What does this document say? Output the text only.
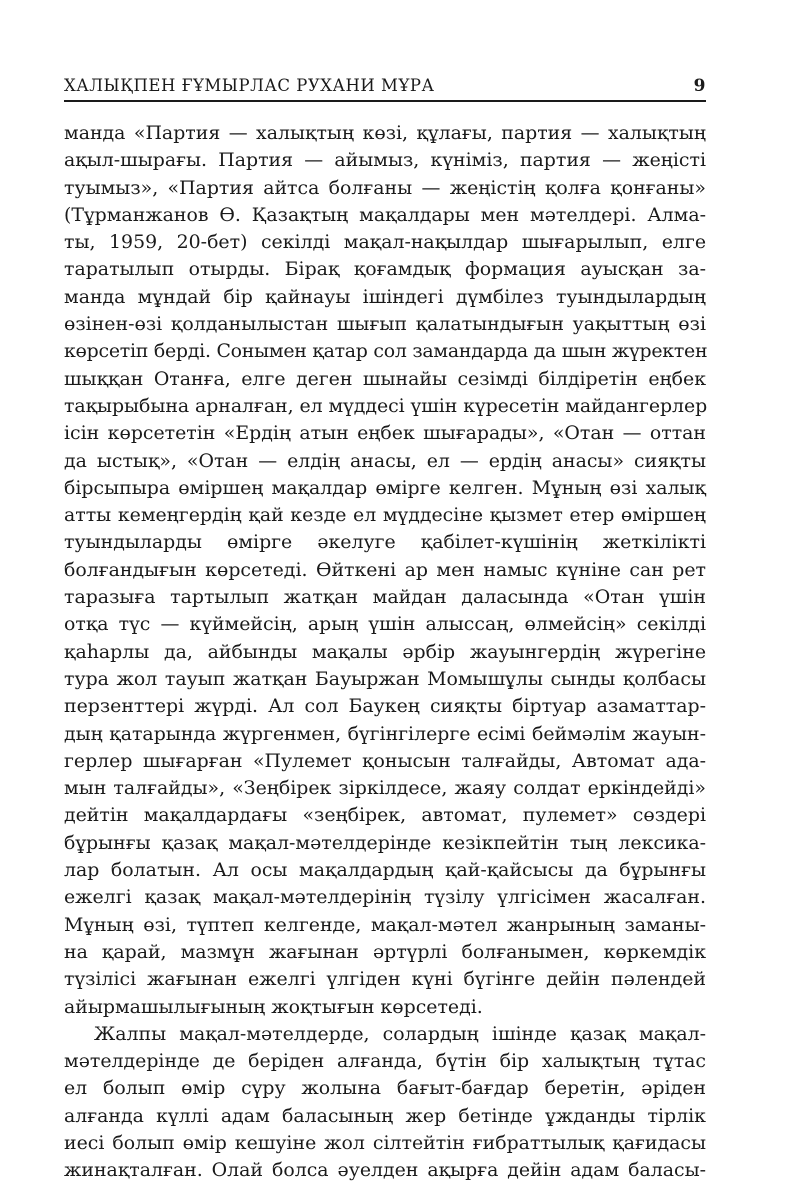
ХАЛЫҚПЕН ҒҰМЫРЛАС РУХАНИ МҰРА	9
манда «Партия — халықтың көзі, құлағы, партия — халықтың
ақыл-шырағы. Партия — айымыз, күніміз, партия — жеңісті
туымыз», «Партия айтса болғаны — жеңістің қолға қонғаны»
(Тұрманжанов Ө. Қазақтың мақалдары мен мәтелдері. Алма-
ты, 1959, 20-бет) секілді мақал-нақылдар шығарылып, елге
таратылып отырды. Бірақ қоғамдық формация ауысқан за-
манда мұндай бір қайнауы ішіндегі дүмбілез туындылардың
өзінен-өзі қолданылыстан шығып қалатындығын уақыттың өзі
көрсетіп берді. Сонымен қатар сол замандарда да шын жүректен
шыққан Отанға, елге деген шынайы сезімді білдіретін еңбек
тақырыбына арналған, ел мүддесі үшін күресетін майдангерлер
ісін көрсететін «Ердің атын еңбек шығарады», «Отан — оттан
да ыстық», «Отан — елдің анасы, ел — ердің анасы» сияқты
бірсыпыра өміршең мақалдар өмірге келген. Мұның өзі халық
атты кемеңгердің қай кезде ел мүддесіне қызмет етер өміршең
туындыларды өмірге әкелуге қабілет-күшінің жеткілікті
болғандығын көрсетеді. Өйткені ар мен намыс күніне сан рет
таразыға тартылып жатқан майдан даласында «Отан үшін
отқа түс — күймейсің, арың үшін алыссаң, өлмейсің» секілді
қаһарлы да, айбынды мақалы әрбір жауынгердің жүрегіне
тура жол тауып жатқан Бауыржан Момышұлы сынды қолбасы
перзенттері жүрді. Ал сол Баукең сияқты біртуар азаматтар-
дың қатарында жүргенмен, бүгінгілерге есімі беймәлім жауын-
герлер шығарған «Пулемет қонысын талғайды, Автомат ада-
мын талғайды», «Зеңбірек зіркілдесе, жаяу солдат еркіндейді»
дейтін мақалдардағы «зеңбірек, автомат, пулемет» сөздері
бұрынғы қазақ мақал-мәтелдерінде кезікпейтін тың лексика-
лар болатын. Ал осы мақалдардың қай-қайсысы да бұрынғы
ежелгі қазақ мақал-мәтелдерінің түзілу үлгісімен жасалған.
Мұның өзі, түптеп келгенде, мақал-мәтел жанрының заманы-
на қарай, мазмұн жағынан әртүрлі болғанымен, көркемдік
түзілісі жағынан ежелгі үлгіден күні бүгінге дейін пәлендей
айырмашылығының жоқтығын көрсетеді.
Жалпы мақал-мәтелдерде, солардың ішінде қазақ мақал-
мәтелдерінде де беріден алғанда, бүтін бір халықтың тұтас
ел болып өмір сүру жолына бағыт-бағдар беретін, әріден
алғанда күллі адам баласының жер бетінде ұжданды тірлік
иесі болып өмір кешуіне жол сілтейтін ғибраттылық қағидасы
жинақталған. Олай болса әуелден ақырға дейін адам баласы-
